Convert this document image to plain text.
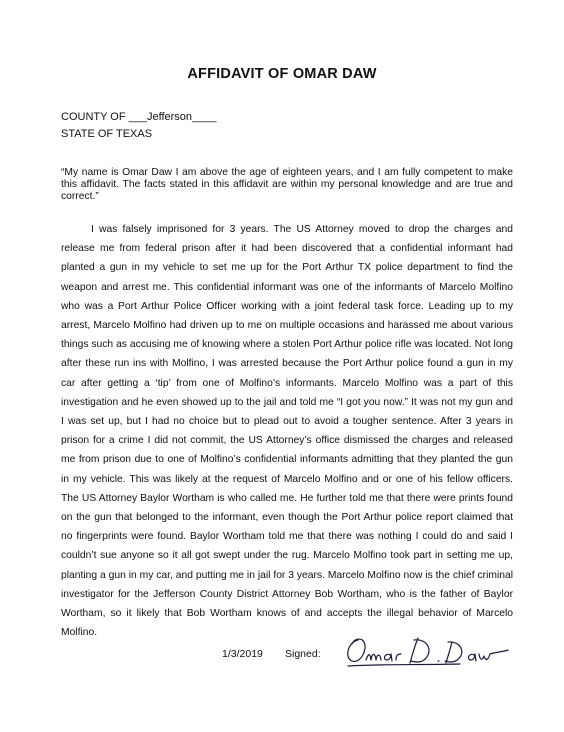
AFFIDAVIT OF OMAR DAW
COUNTY OF ___Jefferson____
STATE OF TEXAS
“My name is Omar Daw I am above the age of eighteen years, and I am fully competent to make this affidavit. The facts stated in this affidavit are within my personal knowledge and are true and correct.”

I was falsely imprisoned for 3 years. The US Attorney moved to drop the charges and release me from federal prison after it had been discovered that a confidential informant had planted a gun in my vehicle to set me up for the Port Arthur TX police department to find the weapon and arrest me. This confidential informant was one of the informants of Marcelo Molfino who was a Port Arthur Police Officer working with a joint federal task force. Leading up to my arrest, Marcelo Molfino had driven up to me on multiple occasions and harassed me about various things such as accusing me of knowing where a stolen Port Arthur police rifle was located. Not long after these run ins with Molfino, I was arrested because the Port Arthur police found a gun in my car after getting a ‘tip’ from one of Molfino’s informants. Marcelo Molfino was a part of this investigation and he even showed up to the jail and told me “I got you now.” It was not my gun and I was set up, but I had no choice but to plead out to avoid a tougher sentence. After 3 years in prison for a crime I did not commit, the US Attorney’s office dismissed the charges and released me from prison due to one of Molfino’s confidential informants admitting that they planted the gun in my vehicle. This was likely at the request of Marcelo Molfino and or one of his fellow officers. The US Attorney Baylor Wortham is who called me. He further told me that there were prints found on the gun that belonged to the informant, even though the Port Arthur police report claimed that no fingerprints were found. Baylor Wortham told me that there was nothing I could do and said I couldn’t sue anyone so it all got swept under the rug. Marcelo Molfino took part in setting me up, planting a gun in my car, and putting me in jail for 3 years. Marcelo Molfino now is the chief criminal investigator for the Jefferson County District Attorney Bob Wortham, who is the father of Baylor Wortham, so it likely that Bob Wortham knows of and accepts the illegal behavior of Marcelo Molfino.

1/3/2019 Signed:
